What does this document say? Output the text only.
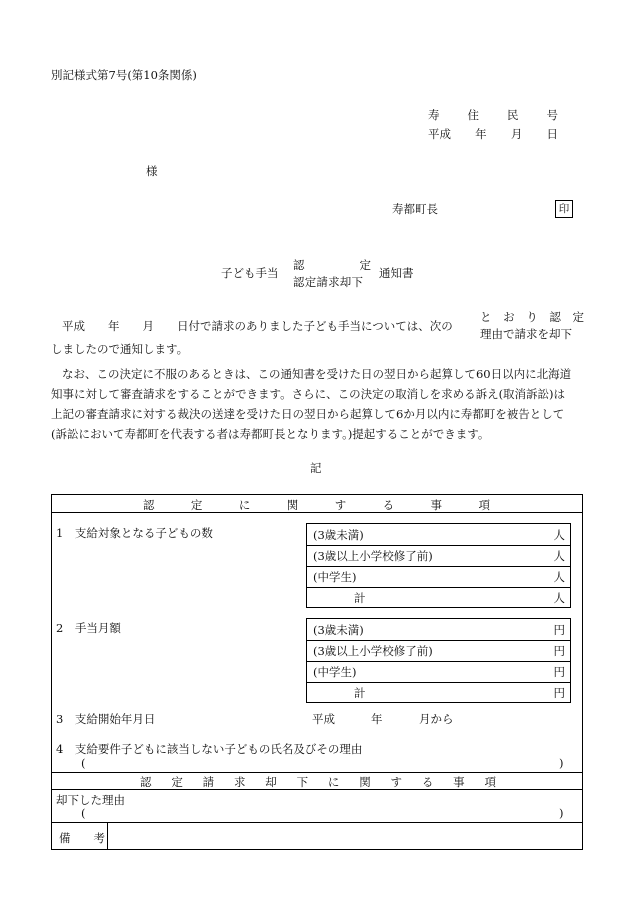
別記様式第7号(第10条関係)
寿 住 民 号
平成 年 月 日
様
寿都町長	印
子ども手当
認	定
認定請求却下
通知書
平成　　年　　月　　日付で請求のありました子ども手当については、次の
と お り 認 定
理由で請求を却下
しましたので通知します。
なお、この決定に不服のあるときは、この通知書を受けた日の翌日から起算して60日以内に北海道
知事に対して審査請求をすることができます。さらに、この決定の取消しを求める訴え(取消訴訟)は
上記の審査請求に対する裁決の送達を受けた日の翌日から起算して6か月以内に寿都町を被告として
(訴訟において寿都町を代表する者は寿都町長となります。)提起することができます。
記
認	定	に	関	す	る	事	項
1　支給対象となる子どもの数	(3歳未満)	人
(3歳以上小学校修了前)	人
(中学生)	人
計	人
2　手当月額	(3歳未満)	円
(3歳以上小学校修了前)	円
(中学生)	円
計	円
3　支給開始年月日	平成	年	月から
4　支給要件子どもに該当しない子どもの氏名及びその理由
(	)
認 定 請 求 却 下 に 関 す る 事 項
却下した理由
(	)
備　　考
